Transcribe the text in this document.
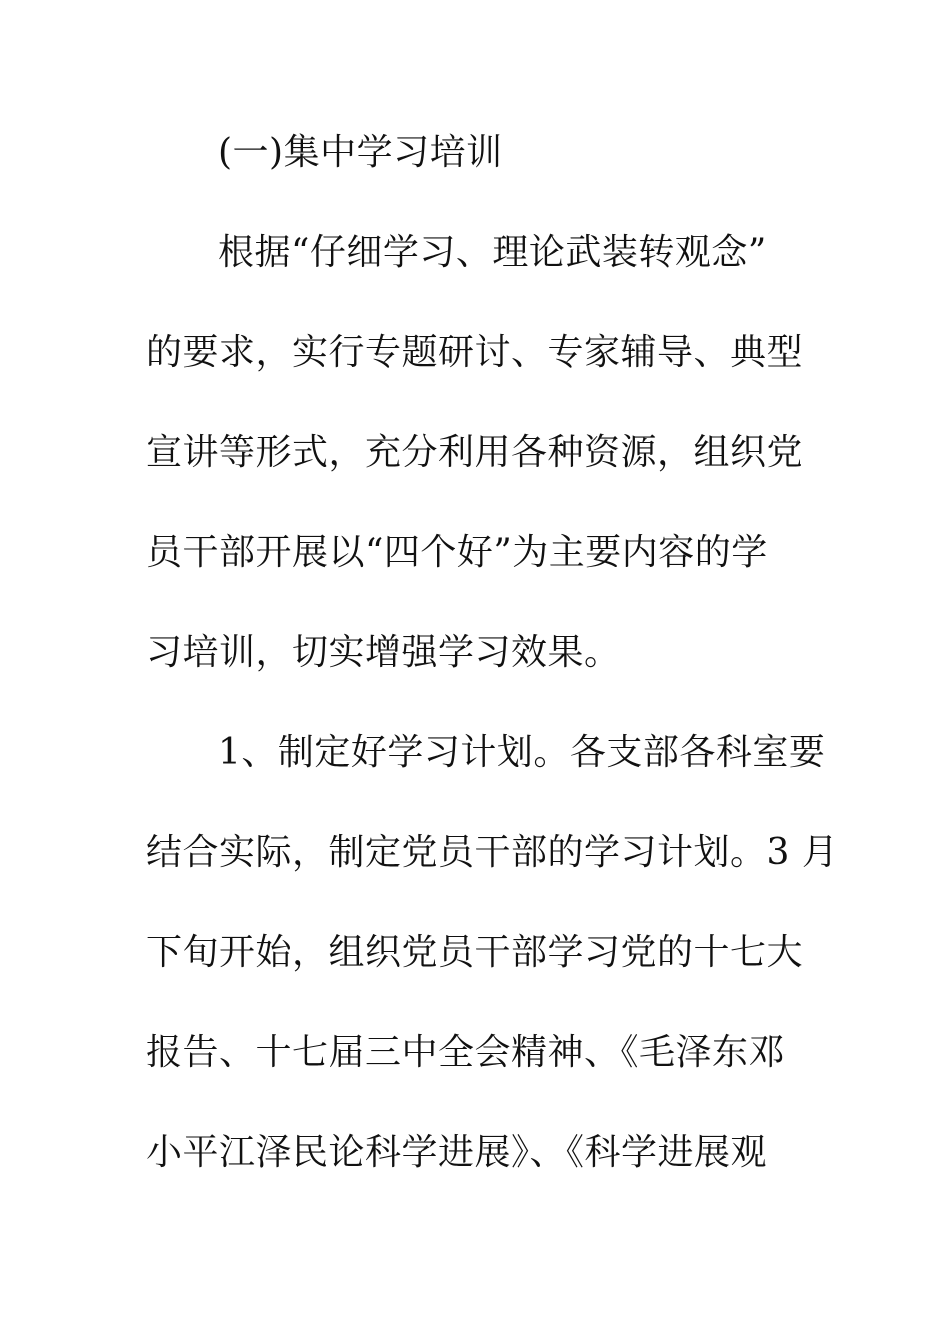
(一)集中学习培训
根据“仔细学习、理论武装转观念”
的要求，实行专题研讨、专家辅导、典型
宣讲等形式，充分利用各种资源，组织党
员干部开展以“四个好”为主要内容的学
习培训，切实增强学习效果。
1、制定好学习计划。各支部各科室要
结合实际，制定党员干部的学习计划。3 月
下旬开始，组织党员干部学习党的十七大
报告、十七届三中全会精神、《毛泽东邓
小平江泽民论科学进展》、《科学进展观
